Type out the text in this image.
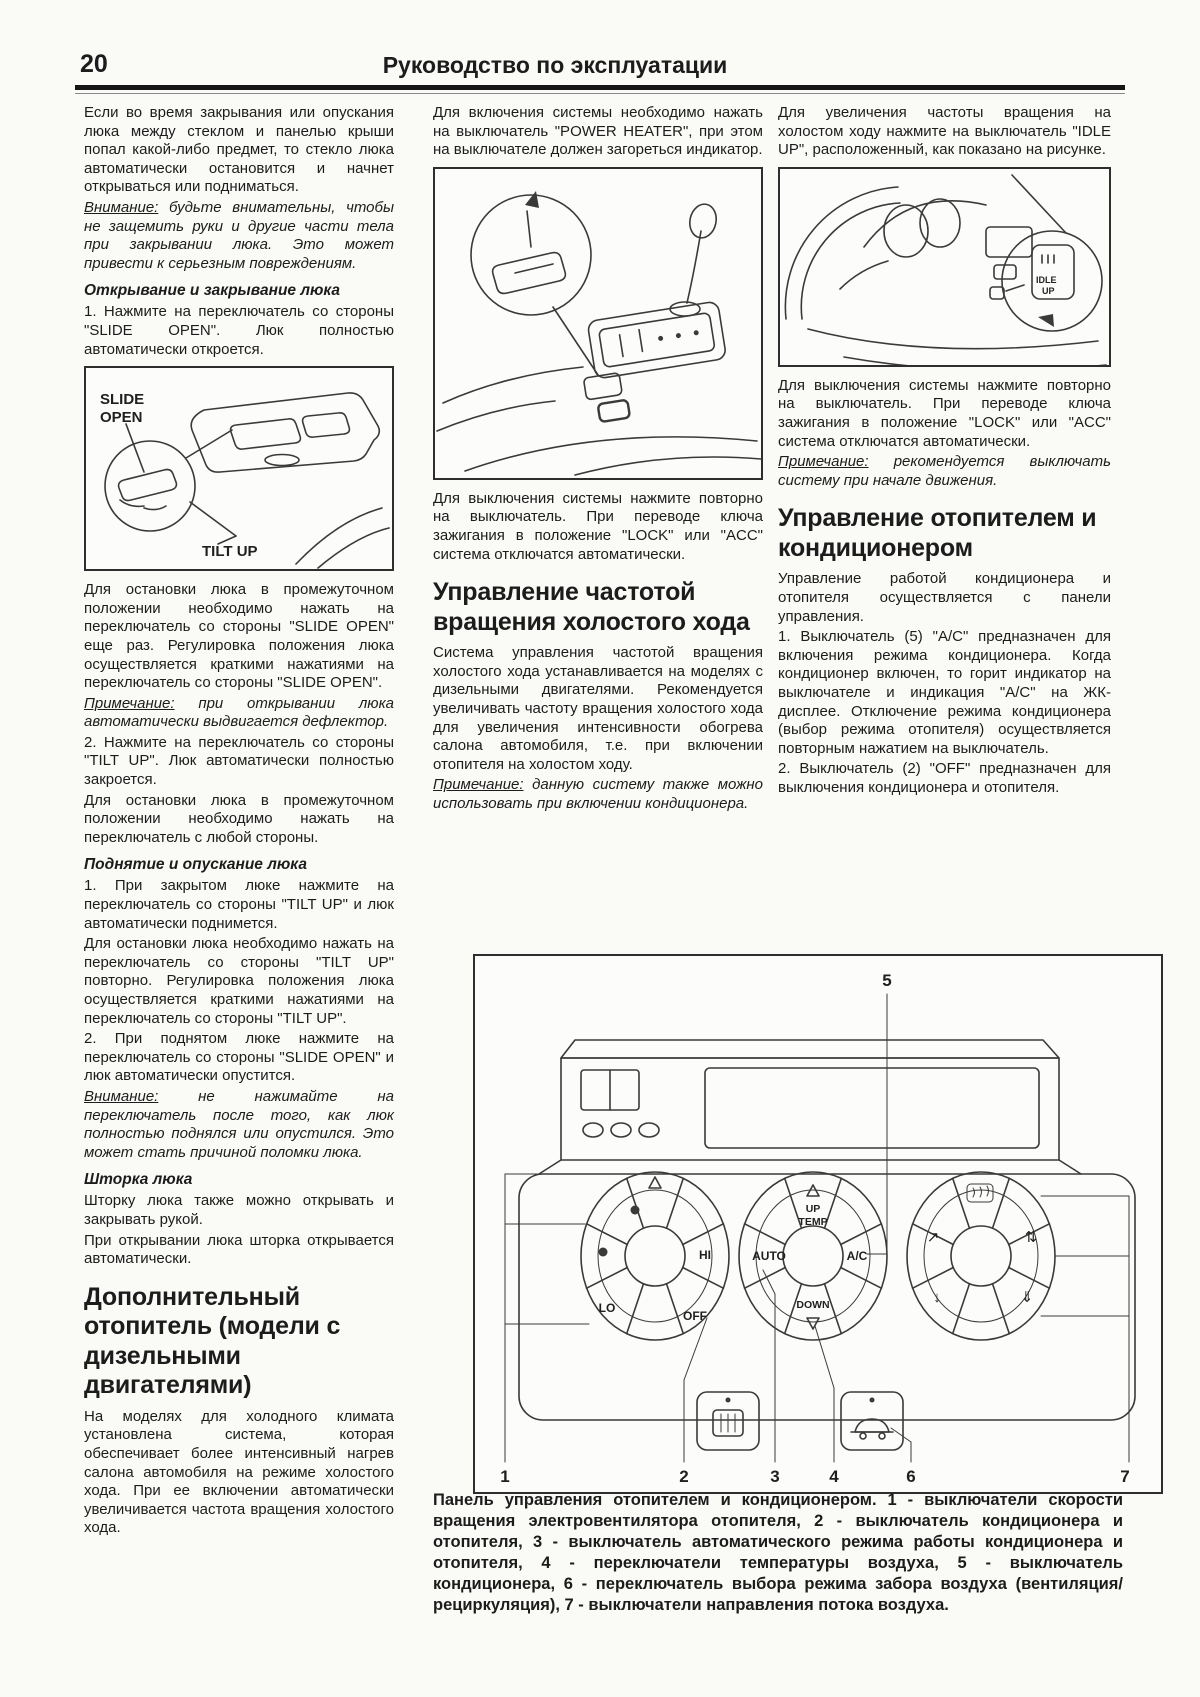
20	Руководство по эксплуатации

Если во время закрывания или опускания люка между стеклом и панелью крыши попал какой-либо предмет, то стекло люка автоматически остановится и начнет открываться или подниматься.

Внимание: будьте внимательны, чтобы не защемить руки и другие части тела при закрывании люка. Это может привести к серьезным повреждениям.

Открывание и закрывание люка

1. Нажмите на переключатель со стороны "SLIDE OPEN". Люк полностью автоматически откроется.

SLIDE
OPEN
TILT UP

Для остановки люка в промежуточном положении необходимо нажать на переключатель со стороны "SLIDE OPEN" еще раз. Регулировка положения люка осуществляется краткими нажатиями на переключатель со стороны "SLIDE OPEN".

Примечание: при открывании люка автоматически выдвигается дефлектор.

2. Нажмите на переключатель со стороны "TILT UP". Люк автоматически полностью закроется.

Для остановки люка в промежуточном положении необходимо нажать на переключатель с любой стороны.

Поднятие и опускание люка

1. При закрытом люке нажмите на переключатель со стороны "TILT UP" и люк автоматически поднимется.

Для остановки люка необходимо нажать на переключатель со стороны "TILT UP" повторно. Регулировка положения люка осуществляется краткими нажатиями на переключатель со стороны "TILT UP".

2. При поднятом люке нажмите на переключатель со стороны "SLIDE OPEN" и люк автоматически опустится.

Внимание:	не нажимайте на переключатель после того, как люк полностью поднялся или опустился. Это может стать причиной поломки люка.

Шторка люка

Шторку люка также можно открывать и закрывать рукой.

При открывании люка шторка открывается автоматически.

Дополнительный отопитель (модели с дизельными двигателями)

На моделях для холодного климата установлена система, которая обеспечивает более интенсивный нагрев салона автомобиля на режиме холостого хода. При ее включении автоматически увеличивается частота вращения холостого хода.

Для включения системы необходимо нажать на выключатель "POWER HEATER", при этом на выключателе должен загореться индикатор.

Для выключения системы нажмите повторно на выключатель. При переводе ключа зажигания в положение "LOCK" или "ACC" система отключатся автоматически.

Управление частотой вращения холостого хода

Система управления частотой вращения холостого хода устанавливается на моделях с дизельными двигателями. Рекомендуется увеличивать частоту вращения холостого хода для увеличения интенсивности обогрева салона автомобиля, т.е. при включении отопителя на холостом ходу.

Примечание: данную систему также можно использовать при включении кондиционера.

Для увеличения частоты вращения на холостом ходу нажмите на выключатель "IDLE UP", расположенный, как показано на рисунке.

IDLE
UP

Для выключения системы нажмите повторно на выключатель. При переводе ключа зажигания в положение "LOCK" или "ACC" система отключатся автоматически.

Примечание: рекомендуется выключать систему при начале движения.

Управление отопителем и кондиционером

Управление работой кондиционера и отопителя осуществляется с панели управления.

1. Выключатель (5) "A/C" предназначен для включения режима кондиционера. Когда кондиционер включен, то горит индикатор на выключателе и индикация "A/C" на ЖК-дисплее. Отключение режима кондиционера (выбор режима отопителя) осуществляется повторным нажатием на выключатель.

2. Выключатель (2) "OFF" предназначен для выключения кондиционера и отопителя.

5
HI
LO
OFF
UP
TEMP
AUTO	A/C
DOWN
↗	⇅
↓	⇓
1	2	3	4	6	7

Панель управления отопителем и кондиционером. 1 - выключатели скорости вращения электровентилятора отопителя, 2 - выключатель кондиционера и отопителя, 3 - выключатель автоматического режима работы кондиционера и отопителя, 4 - переключатели температуры воздуха, 5 - выключатель кондиционера, 6 - переключатель выбора режима забора воздуха (вентиляция/рециркуляция), 7 - выключатели направления потока воздуха.
